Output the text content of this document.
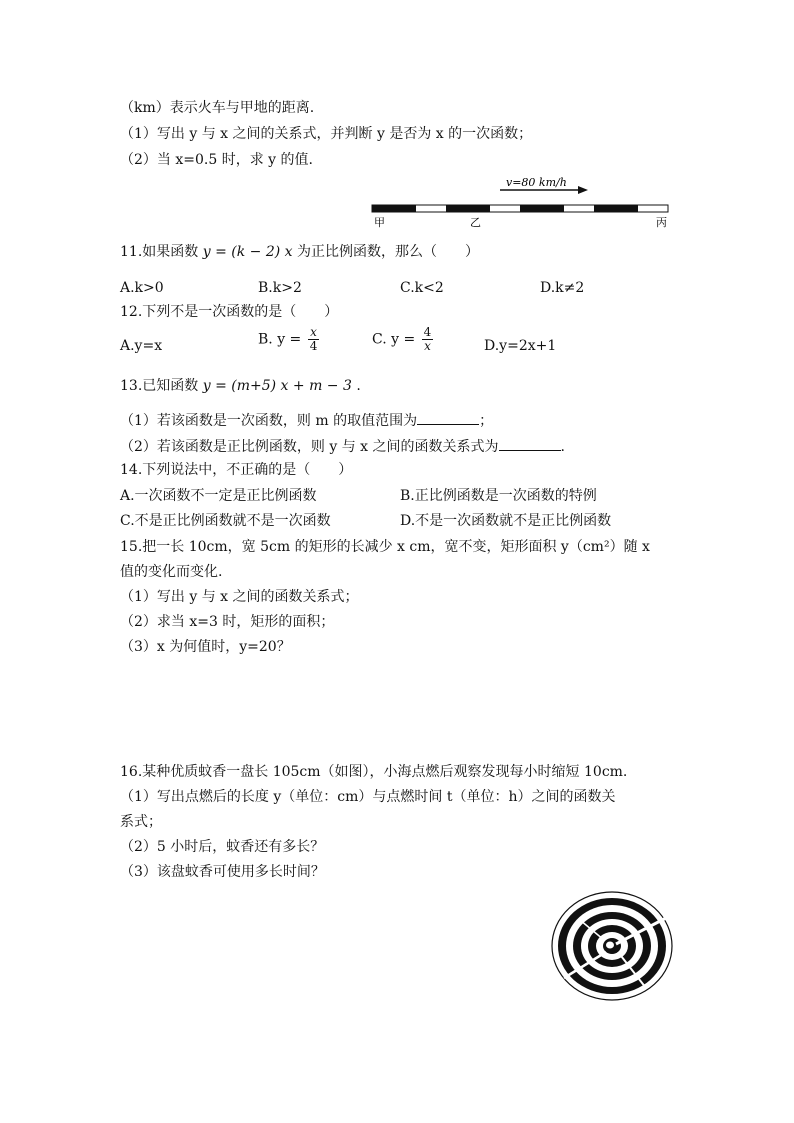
（km）表示火车与甲地的距离.
（1）写出 y 与 x 之间的关系式，并判断 y 是否为 x 的一次函数；
（2）当 x=0.5 时，求 y 的值.
v=80 km/h
甲	乙	丙
11.如果函数 y = (k − 2) x 为正比例函数，那么（　　）
A.k>0	B.k>2	C.k<2	D.k≠2
12.下列不是一次函数的是（　　）
A.y=x	B. $y = \frac{x}{4}$	C. $y = \frac{4}{x}$	D.y=2x+1
13.已知函数 y = (m+5) x + m − 3 .
（1）若该函数是一次函数，则 m 的取值范围为	；
（2）若该函数是正比例函数，则 y 与 x 之间的函数关系式为	.
14.下列说法中，不正确的是（　　）
A.一次函数不一定是正比例函数	B.正比例函数是一次函数的特例
C.不是正比例函数就不是一次函数	D.不是一次函数就不是正比例函数
15.把一长 10cm，宽 5cm 的矩形的长减少 x cm，宽不变，矩形面积 y（cm²）随 x
值的变化而变化.
（1）写出 y 与 x 之间的函数关系式；
（2）求当 x=3 时，矩形的面积；
（3）x 为何值时，y=20？
16.某种优质蚊香一盘长 105cm（如图），小海点燃后观察发现每小时缩短 10cm.
（1）写出点燃后的长度 y（单位：cm）与点燃时间 t（单位：h）之间的函数关
系式；
（2）5 小时后，蚊香还有多长？
（3）该盘蚊香可使用多长时间？
